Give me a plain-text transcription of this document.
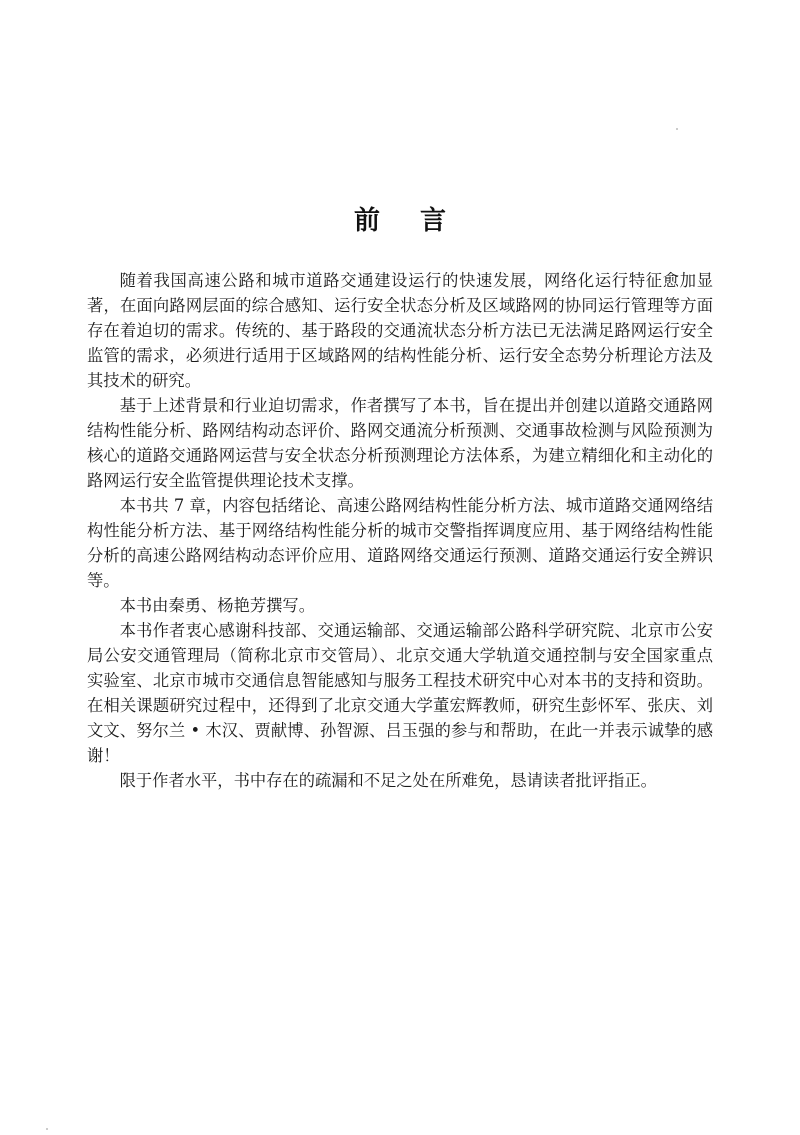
前言

随着我国高速公路和城市道路交通建设运行的快速发展，网络化运行特征愈加显著，在面向路网层面的综合感知、运行安全状态分析及区域路网的协同运行管理等方面存在着迫切的需求。传统的、基于路段的交通流状态分析方法已无法满足路网运行安全监管的需求，必须进行适用于区域路网的结构性能分析、运行安全态势分析理论方法及其技术的研究。

基于上述背景和行业迫切需求，作者撰写了本书，旨在提出并创建以道路交通路网结构性能分析、路网结构动态评价、路网交通流分析预测、交通事故检测与风险预测为核心的道路交通路网运营与安全状态分析预测理论方法体系，为建立精细化和主动化的路网运行安全监管提供理论技术支撑。

本书共 7 章，内容包括绪论、高速公路网结构性能分析方法、城市道路交通网络结构性能分析方法、基于网络结构性能分析的城市交警指挥调度应用、基于网络结构性能分析的高速公路网结构动态评价应用、道路网络交通运行预测、道路交通运行安全辨识等。

本书由秦勇、杨艳芳撰写。

本书作者衷心感谢科技部、交通运输部、交通运输部公路科学研究院、北京市公安局公安交通管理局（简称北京市交管局）、北京交通大学轨道交通控制与安全国家重点实验室、北京市城市交通信息智能感知与服务工程技术研究中心对本书的支持和资助。在相关课题研究过程中，还得到了北京交通大学董宏辉教师，研究生彭怀军、张庆、刘文文、努尔兰 • 木汉、贾献博、孙智源、吕玉强的参与和帮助，在此一并表示诚挚的感谢！

限于作者水平，书中存在的疏漏和不足之处在所难免，恳请读者批评指正。
